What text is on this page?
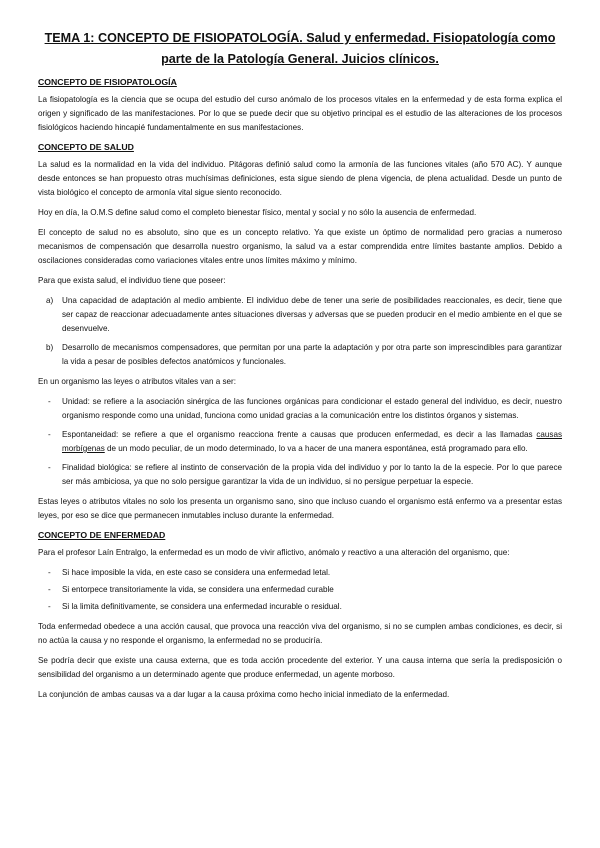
TEMA 1: CONCEPTO DE FISIOPATOLOGÍA. Salud y enfermedad. Fisiopatología como parte de la Patología General. Juicios clínicos.
CONCEPTO DE FISIOPATOLOGÍA

La fisiopatología es la ciencia que se ocupa del estudio del curso anómalo de los procesos vitales en la enfermedad y de esta forma explica el origen y significado de las manifestaciones. Por lo que se puede decir que su objetivo principal es el estudio de las alteraciones de los procesos fisiológicos haciendo hincapié fundamentalmente en sus manifestaciones.

CONCEPTO DE SALUD

La salud es la normalidad en la vida del individuo. Pitágoras definió salud como la armonía de las funciones vitales (año 570 AC). Y aunque desde entonces se han propuesto otras muchísimas definiciones, esta sigue siendo de plena vigencia, de plena actualidad. Desde un punto de vista biológico el concepto de armonía vital sigue siento reconocido.

Hoy en día, la O.M.S define salud como el completo bienestar físico, mental y social y no sólo la ausencia de enfermedad.

El concepto de salud no es absoluto, sino que es un concepto relativo. Ya que existe un óptimo de normalidad pero gracias a numeroso mecanismos de compensación que desarrolla nuestro organismo, la salud va a estar comprendida entre límites bastante amplios. Debido a oscilaciones consideradas como variaciones vitales entre unos límites máximo y mínimo.

Para que exista salud, el individuo tiene que poseer:

a) Una capacidad de adaptación al medio ambiente. El individuo debe de tener una serie de posibilidades reaccionales, es decir, tiene que ser capaz de reaccionar adecuadamente antes situaciones diversas y adversas que se pueden producir en el medio ambiente en el que se desenvuelve.
b) Desarrollo de mecanismos compensadores, que permitan por una parte la adaptación y por otra parte son imprescindibles para garantizar la vida a pesar de posibles defectos anatómicos y funcionales.

En un organismo las leyes o atributos vitales van a ser:

- Unidad: se refiere a la asociación sinérgica de las funciones orgánicas para condicionar el estado general del individuo, es decir, nuestro organismo responde como una unidad, funciona como unidad gracias a la comunicación entre los distintos órganos y sistemas.
- Espontaneidad: se refiere a que el organismo reacciona frente a causas que producen enfermedad, es decir a las llamadas causas morbígenas de un modo peculiar, de un modo determinado, lo va a hacer de una manera espontánea, está programado para ello.
- Finalidad biológica: se refiere al instinto de conservación de la propia vida del individuo y por lo tanto la de la especie. Por lo que parece ser más ambiciosa, ya que no solo persigue garantizar la vida de un individuo, si no persigue perpetuar la especie.

Estas leyes o atributos vitales no solo los presenta un organismo sano, sino que incluso cuando el organismo está enfermo va a presentar estas leyes, por eso se dice que permanecen inmutables incluso durante la enfermedad.

CONCEPTO DE ENFERMEDAD

Para el profesor Laín Entralgo, la enfermedad es un modo de vivir aflictivo, anómalo y reactivo a una alteración del organismo, que:

- Si hace imposible la vida, en este caso se considera una enfermedad letal.
- Si entorpece transitoriamente la vida, se considera una enfermedad curable
- Si la limita definitivamente, se considera una enfermedad incurable o residual.

Toda enfermedad obedece a una acción causal, que provoca una reacción viva del organismo, si no se cumplen ambas condiciones, es decir, si no actúa la causa y no responde el organismo, la enfermedad no se produciría.

Se podría decir que existe una causa externa, que es toda acción procedente del exterior. Y una causa interna que sería la predisposición o sensibilidad del organismo a un determinado agente que produce enfermedad, un agente morboso.

La conjunción de ambas causas va a dar lugar a la causa próxima como hecho inicial inmediato de la enfermedad.
